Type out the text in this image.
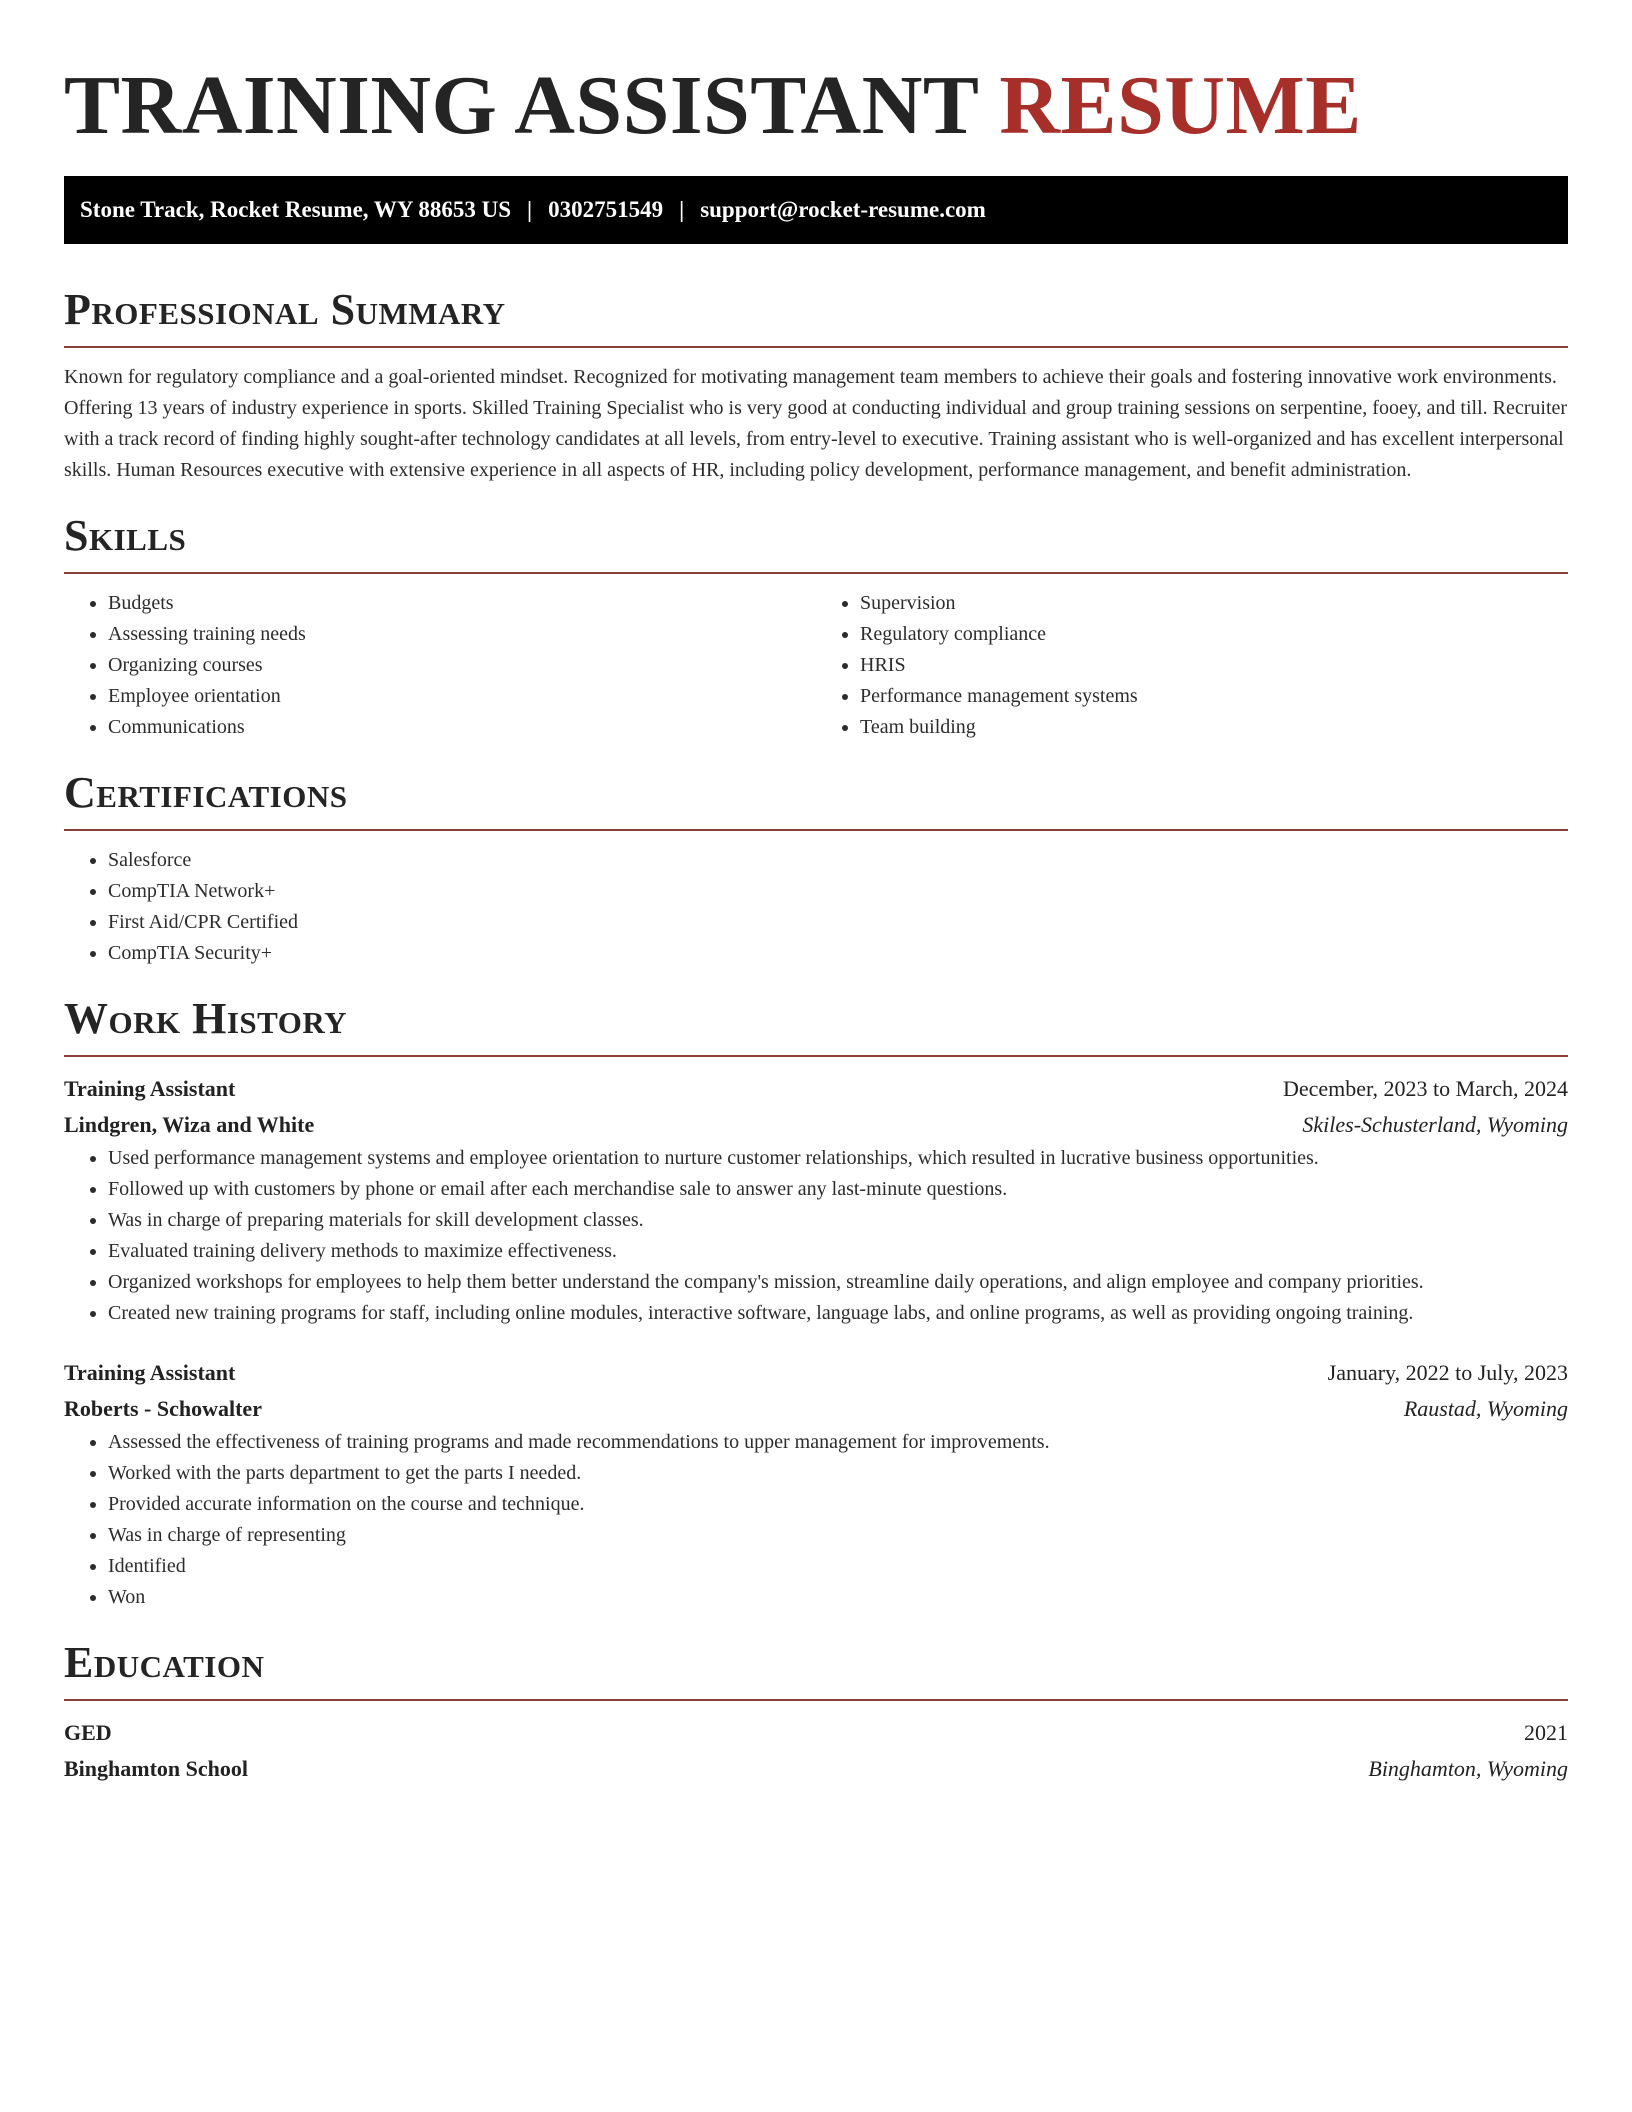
TRAINING ASSISTANT RESUME
Stone Track, Rocket Resume, WY 88653 US | 0302751549 | support@rocket-resume.com
Professional Summary

Known for regulatory compliance and a goal-oriented mindset. Recognized for motivating management team members to achieve their goals and fostering innovative work environments. Offering 13 years of industry experience in sports. Skilled Training Specialist who is very good at conducting individual and group training sessions on serpentine, fooey, and till. Recruiter with a track record of finding highly sought-after technology candidates at all levels, from entry-level to executive. Training assistant who is well-organized and has excellent interpersonal skills. Human Resources executive with extensive experience in all aspects of HR, including policy development, performance management, and benefit administration.

Skills
• Budgets
• Assessing training needs
• Organizing courses
• Employee orientation
• Communications
• Supervision
• Regulatory compliance
• HRIS
• Performance management systems
• Team building
Certifications
• Salesforce
• CompTIA Network+
• First Aid/CPR Certified
• CompTIA Security+
Work History
Training Assistant	December, 2023 to March, 2024
Lindgren, Wiza and White	Skiles-Schusterland, Wyoming
• Used performance management systems and employee orientation to nurture customer relationships, which resulted in lucrative business opportunities.
• Followed up with customers by phone or email after each merchandise sale to answer any last-minute questions.
• Was in charge of preparing materials for skill development classes.
• Evaluated training delivery methods to maximize effectiveness.
• Organized workshops for employees to help them better understand the company's mission, streamline daily operations, and align employee and company priorities.
• Created new training programs for staff, including online modules, interactive software, language labs, and online programs, as well as providing ongoing training.
Training Assistant	January, 2022 to July, 2023
Roberts - Schowalter	Raustad, Wyoming
• Assessed the effectiveness of training programs and made recommendations to upper management for improvements.
• Worked with the parts department to get the parts I needed.
• Provided accurate information on the course and technique.
• Was in charge of representing
• Identified
• Won
Education
GED	2021
Binghamton School	Binghamton, Wyoming
